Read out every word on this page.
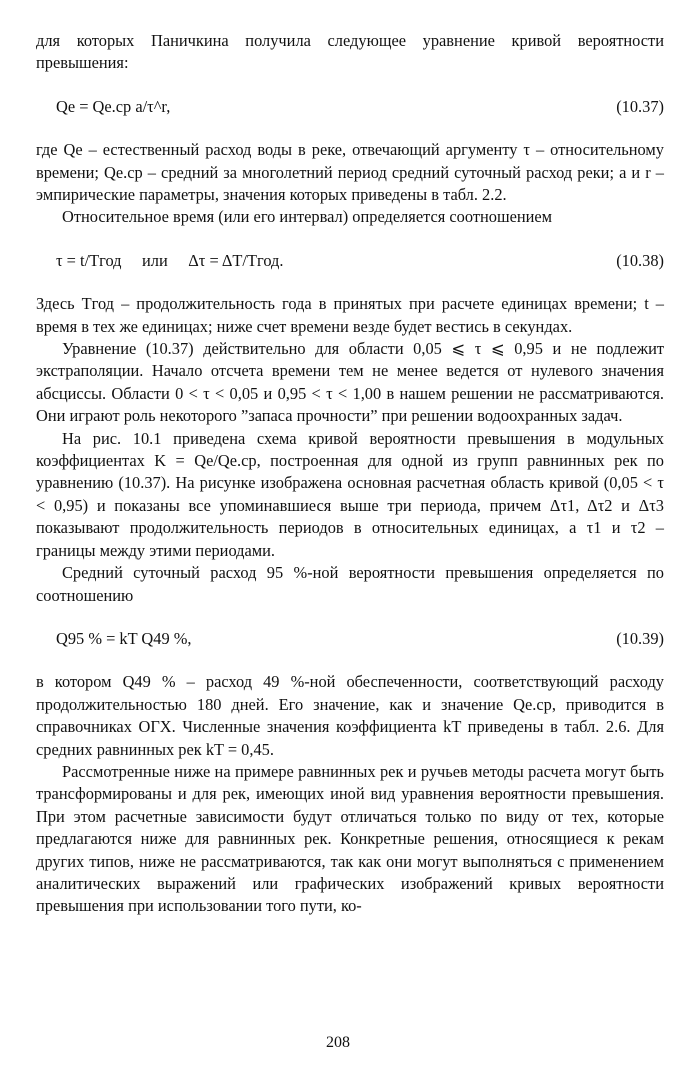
для которых Паничкина получила следующее уравнение кривой вероятности превышения:

Qе = Qе.ср a/τ^r,	(10.37)

где Qе – естественный расход воды в реке, отвечающий аргументу τ – относительному времени; Qе.ср – средний за многолетний период средний суточный расход реки; a и r – эмпирические параметры, значения которых приведены в табл. 2.2.

Относительное время (или его интервал) определяется соотношением

τ = t/Tгод     или     Δτ = ΔT/Tгод.	(10.38)

Здесь Tгод – продолжительность года в принятых при расчете единицах времени; t – время в тех же единицах; ниже счет времени везде будет вестись в секундах.

Уравнение (10.37) действительно для области 0,05 ⩽ τ ⩽ 0,95 и не подлежит экстраполяции. Начало отсчета времени тем не менее ведется от нулевого значения абсциссы. Области 0 < τ < 0,05 и 0,95 < τ < 1,00 в нашем решении не рассматриваются. Они играют роль некоторого ”запаса прочности” при решении водоохранных задач.

На рис. 10.1 приведена схема кривой вероятности превышения в модульных коэффициентах K = Qе/Qе.ср, построенная для одной из групп равнинных рек по уравнению (10.37). На рисунке изображена основная расчетная область кривой (0,05 < τ < 0,95) и показаны все упоминавшиеся выше три периода, причем Δτ1, Δτ2 и Δτ3 показывают продолжительность периодов в относительных единицах, а τ1 и τ2 – границы между этими периодами.

Средний суточный расход 95 %-ной вероятности превышения определяется по соотношению

Q95 % = kT Q49 %,	(10.39)

в котором Q49 % – расход 49 %-ной обеспеченности, соответствующий расходу продолжительностью 180 дней. Его значение, как и значение Qе.ср, приводится в справочниках ОГХ. Численные значения коэффициента kT приведены в табл. 2.6. Для средних равнинных рек kT = 0,45.

Рассмотренные ниже на примере равнинных рек и ручьев методы расчета могут быть трансформированы и для рек, имеющих иной вид уравнения вероятности превышения. При этом расчетные зависимости будут отличаться только по виду от тех, которые предлагаются ниже для равнинных рек. Конкретные решения, относящиеся к рекам других типов, ниже не рассматриваются, так как они могут выполняться с применением аналитических выражений или графических изображений кривых вероятности превышения при использовании того пути, ко-

208
